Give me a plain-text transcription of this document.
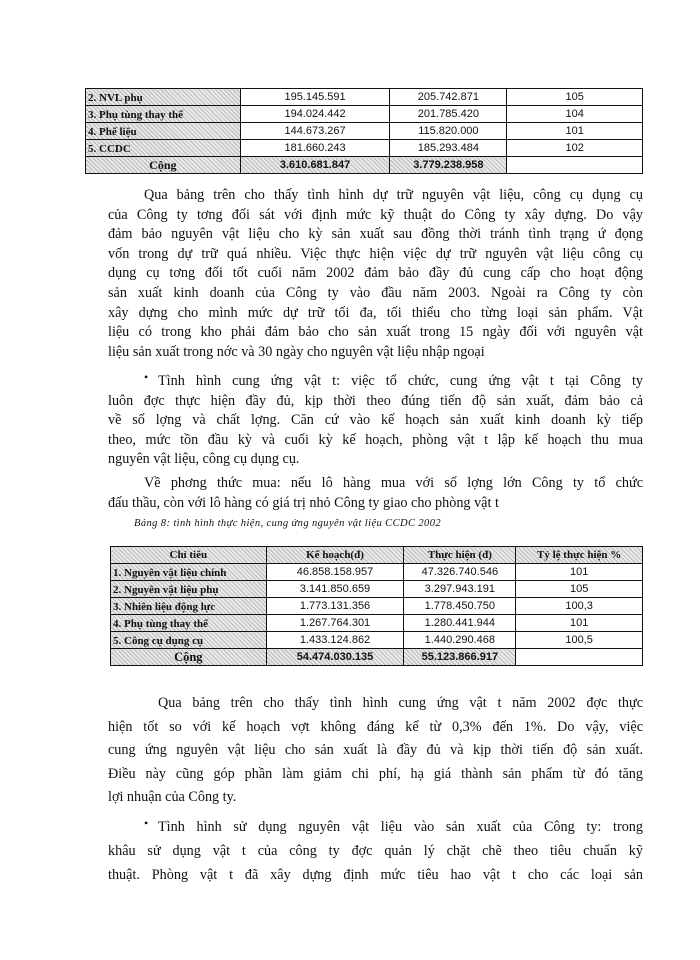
2. NVL phụ	195.145.591	205.742.871	105
3. Phụ tùng thay thế	194.024.442	201.785.420	104
4. Phế liệu	144.673.267	115.820.000	101
5. CCDC	181.660.243	185.293.484	102
Cộng	3.610.681.847	3.779.238.958	
Qua bảng trên cho thấy tình hình dự trữ nguyên vật liệu, công cụ dụng cụ
của Công ty tơng đối sát với định mức kỹ thuật do Công ty xây dựng. Do vậy
đảm bảo nguyên vật liệu cho kỳ sản xuất sau đồng thời tránh tình trạng ứ đọng
vốn trong dự trữ quá nhiều. Việc thực hiện việc dự trữ nguyên vật liệu công cụ
dụng cụ tơng đối tốt cuối năm 2002 đảm bảo đầy đủ cung cấp cho hoạt động
sản xuất kinh doanh của Công ty vào đầu năm 2003. Ngoài ra Công ty còn
xây dựng cho mình mức dự trữ tối đa, tối thiểu cho từng loại sản phẩm. Vật
liệu có trong kho phải đảm bảo cho sản xuất trong 15 ngày đối với nguyên vật
liệu sản xuất trong nớc và 30 ngày cho nguyên vật liệu nhập ngoại
• Tình hình cung ứng vật t: việc tổ chức, cung ứng vật t tại Công ty
luôn đợc thực hiện đầy đủ, kịp thời theo đúng tiến độ sản xuất, đảm bảo cả
về số lợng và chất lợng. Căn cứ vào kế hoạch sản xuất kinh doanh kỳ tiếp
theo, mức tồn đầu kỳ và cuối kỳ kế hoạch, phòng vật t lập kế hoạch thu mua
nguyên vật liệu, công cụ dụng cụ.
Về phơng thức mua: nếu lô hàng mua với số lợng lớn Công ty tổ chức
đấu thầu, còn với lô hàng có giá trị nhỏ Công ty giao cho phòng vật t
Bảng 8: tình hình thực hiện, cung ứng nguyên vật liệu CCDC 2002
Chỉ tiêu	Kế hoạch(đ)	Thực hiện (đ)	Tỷ lệ thực hiện %
1. Nguyên vật liệu chính	46.858.158.957	47.326.740.546	101
2. Nguyên vật liệu phụ	3.141.850.659	3.297.943.191	105
3. Nhiên liệu động lực	1.773.131.356	1.778.450.750	100,3
4. Phụ tùng thay thế	1.267.764.301	1.280.441.944	101
5. Công cụ dụng cụ	1.433.124.862	1.440.290.468	100,5
Cộng	54.474.030.135	55.123.866.917	
Qua bảng trên cho thấy tình hình cung ứng vật t năm 2002 đợc thực
hiện tốt so với kế hoạch vợt không đáng kể từ 0,3% đến 1%. Do vậy, việc
cung ứng nguyên vật liệu cho sản xuất là đầy đủ và kịp thời tiến độ sản xuất.
Điều này cũng góp phần làm giảm chi phí, hạ giá thành sản phẩm từ đó tăng
lợi nhuận của Công ty.
• Tình hình sử dụng nguyên vật liệu vào sản xuất của Công ty: trong
khâu sử dụng vật t của công ty đợc quản lý chặt chẽ theo tiêu chuẩn kỹ
thuật. Phòng vật t đã xây dựng định mức tiêu hao vật t cho các loại sản
